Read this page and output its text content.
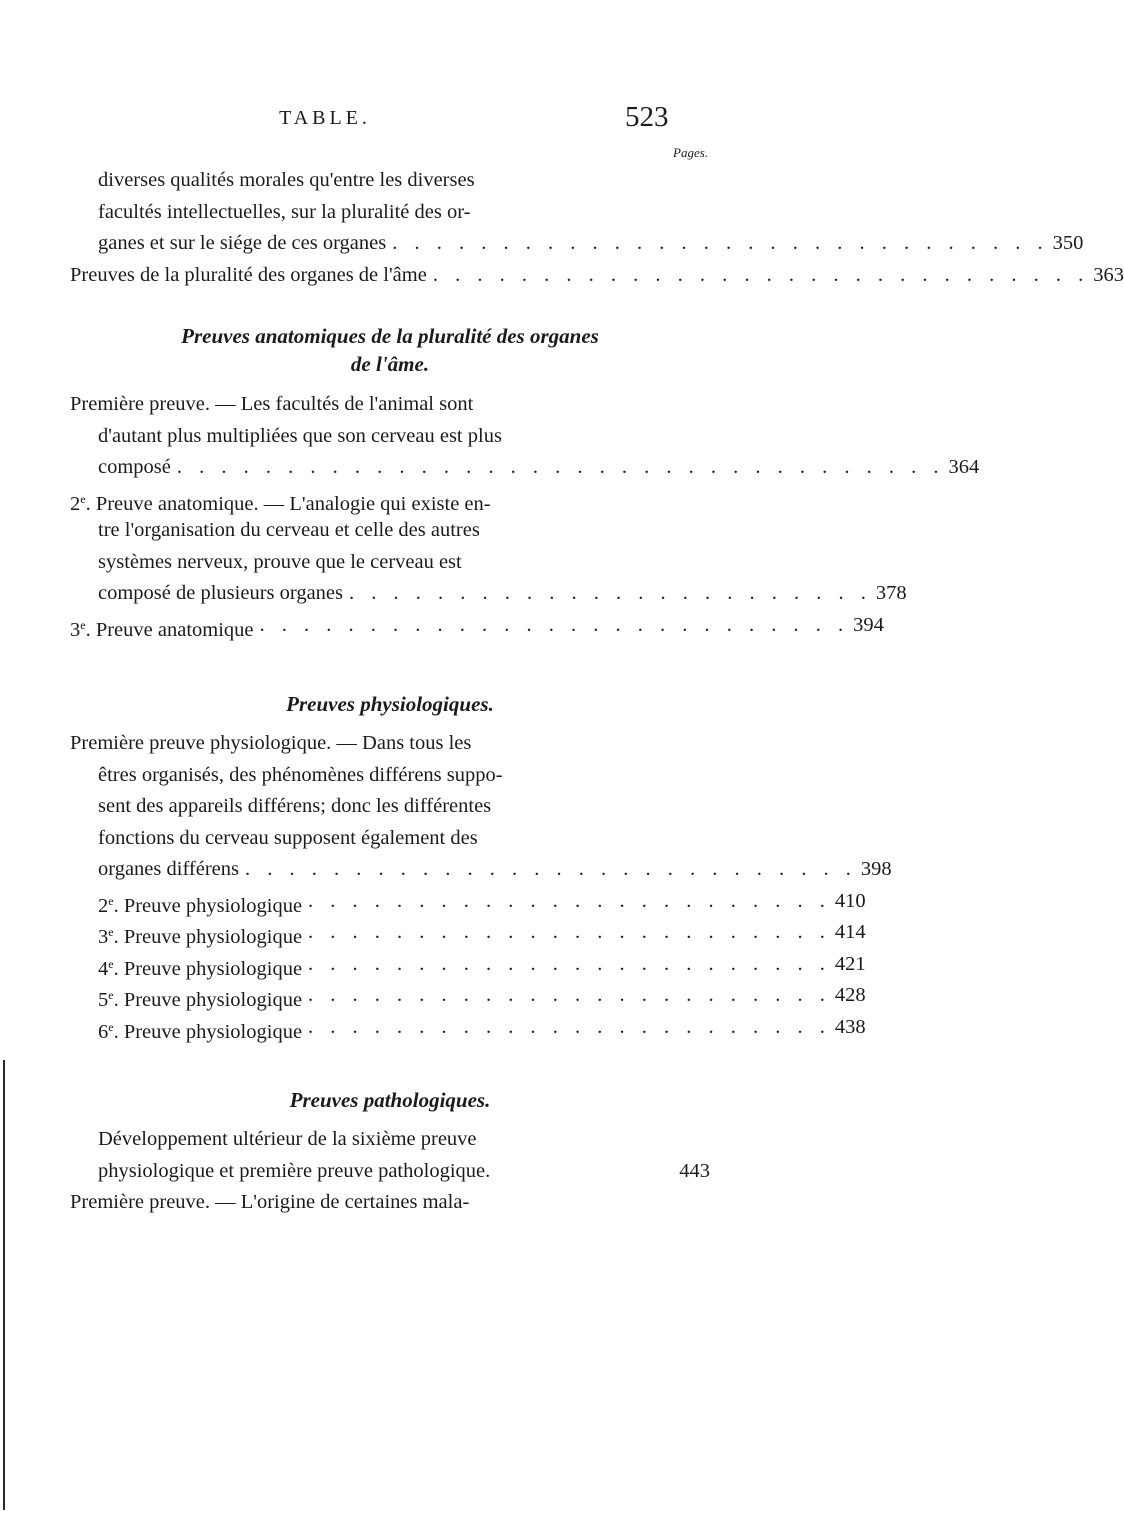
TABLE.	523
Pages.
diverses qualités morales qu'entre les diverses
facultés intellectuelles, sur la pluralité des or-
ganes et sur le siége de ces organes . . . . . . . . . . . . . . . . . . . . . . . . . . . . . . 350
Preuves de la pluralité des organes de l'âme . . . . . . . . . . . . . . . . . . . . . . . . . . . . . . 363
Preuves anatomiques de la pluralité des organes
de l'âme.
Première preuve. — Les facultés de l'animal sont
d'autant plus multipliées que son cerveau est plus
composé . . . . . . . . . . . . . . . . . . . . . . . . . . . . . . . . . . . 364
2e. Preuve anatomique. — L'analogie qui existe en-
tre l'organisation du cerveau et celle des autres
systèmes nerveux, prouve que le cerveau est
composé de plusieurs organes . . . . . . . . . . . . . . . . . . . . . . . . 378
3e. Preuve anatomique . . . . . . . . . . . . . . . . . . . . . . . . . . . 394
Preuves physiologiques.
Première preuve physiologique. — Dans tous les
êtres organisés, des phénomènes différens suppo-
sent des appareils différens; donc les différentes
fonctions du cerveau supposent également des
organes différens . . . . . . . . . . . . . . . . . . . . . . . . . . . . 398
2e. Preuve physiologique . . . . . . . . . . . . . . . . . . . . . . . . 410
3e. Preuve physiologique . . . . . . . . . . . . . . . . . . . . . . . . 414
4e. Preuve physiologique . . . . . . . . . . . . . . . . . . . . . . . . 421
5e. Preuve physiologique . . . . . . . . . . . . . . . . . . . . . . . . 428
6e. Preuve physiologique . . . . . . . . . . . . . . . . . . . . . . . . 438
Preuves pathologiques.
Développement ultérieur de la sixième preuve
physiologique et première preuve pathologique.	443
Première preuve. — L'origine de certaines mala-
